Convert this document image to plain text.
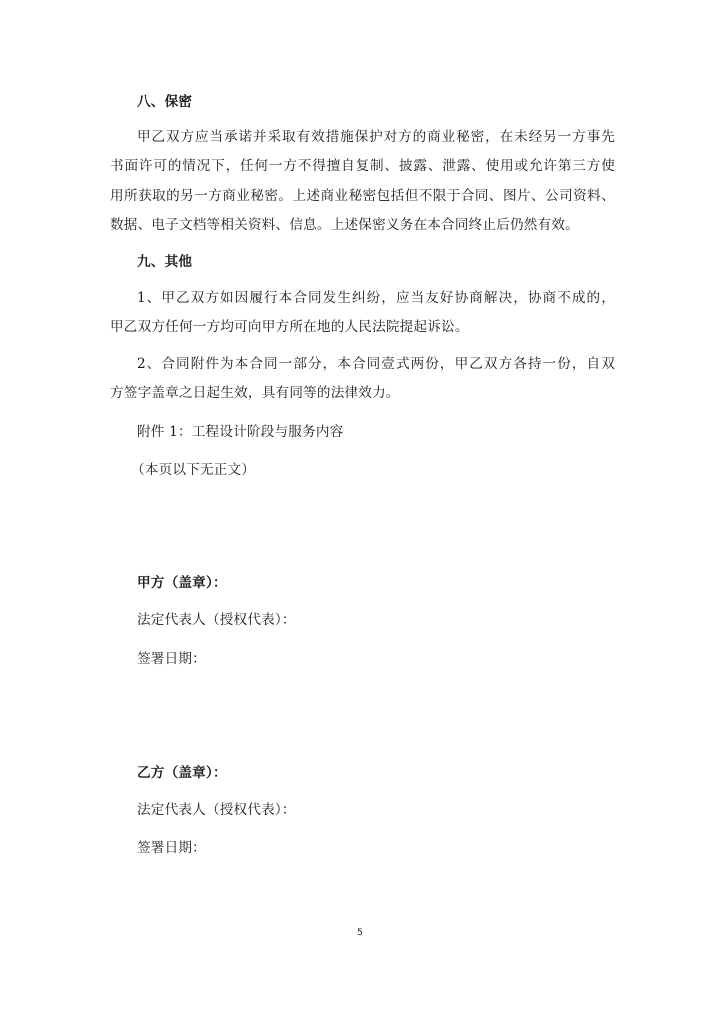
八、保密
甲乙双方应当承诺并采取有效措施保护对方的商业秘密，在未经另一方事先
书面许可的情况下，任何一方不得擅自复制、披露、泄露、使用或允许第三方使
用所获取的另一方商业秘密。上述商业秘密包括但不限于合同、图片、公司资料、
数据、电子文档等相关资料、信息。上述保密义务在本合同终止后仍然有效。
九、其他
1、甲乙双方如因履行本合同发生纠纷，应当友好协商解决，协商不成的，
甲乙双方任何一方均可向甲方所在地的人民法院提起诉讼。
2、合同附件为本合同一部分，本合同壹式两份，甲乙双方各持一份，自双
方签字盖章之日起生效，具有同等的法律效力。
附件 1：工程设计阶段与服务内容
（本页以下无正文）
甲方（盖章）：
法定代表人（授权代表）：
签署日期：
乙方（盖章）：
法定代表人（授权代表）：
签署日期：
5
